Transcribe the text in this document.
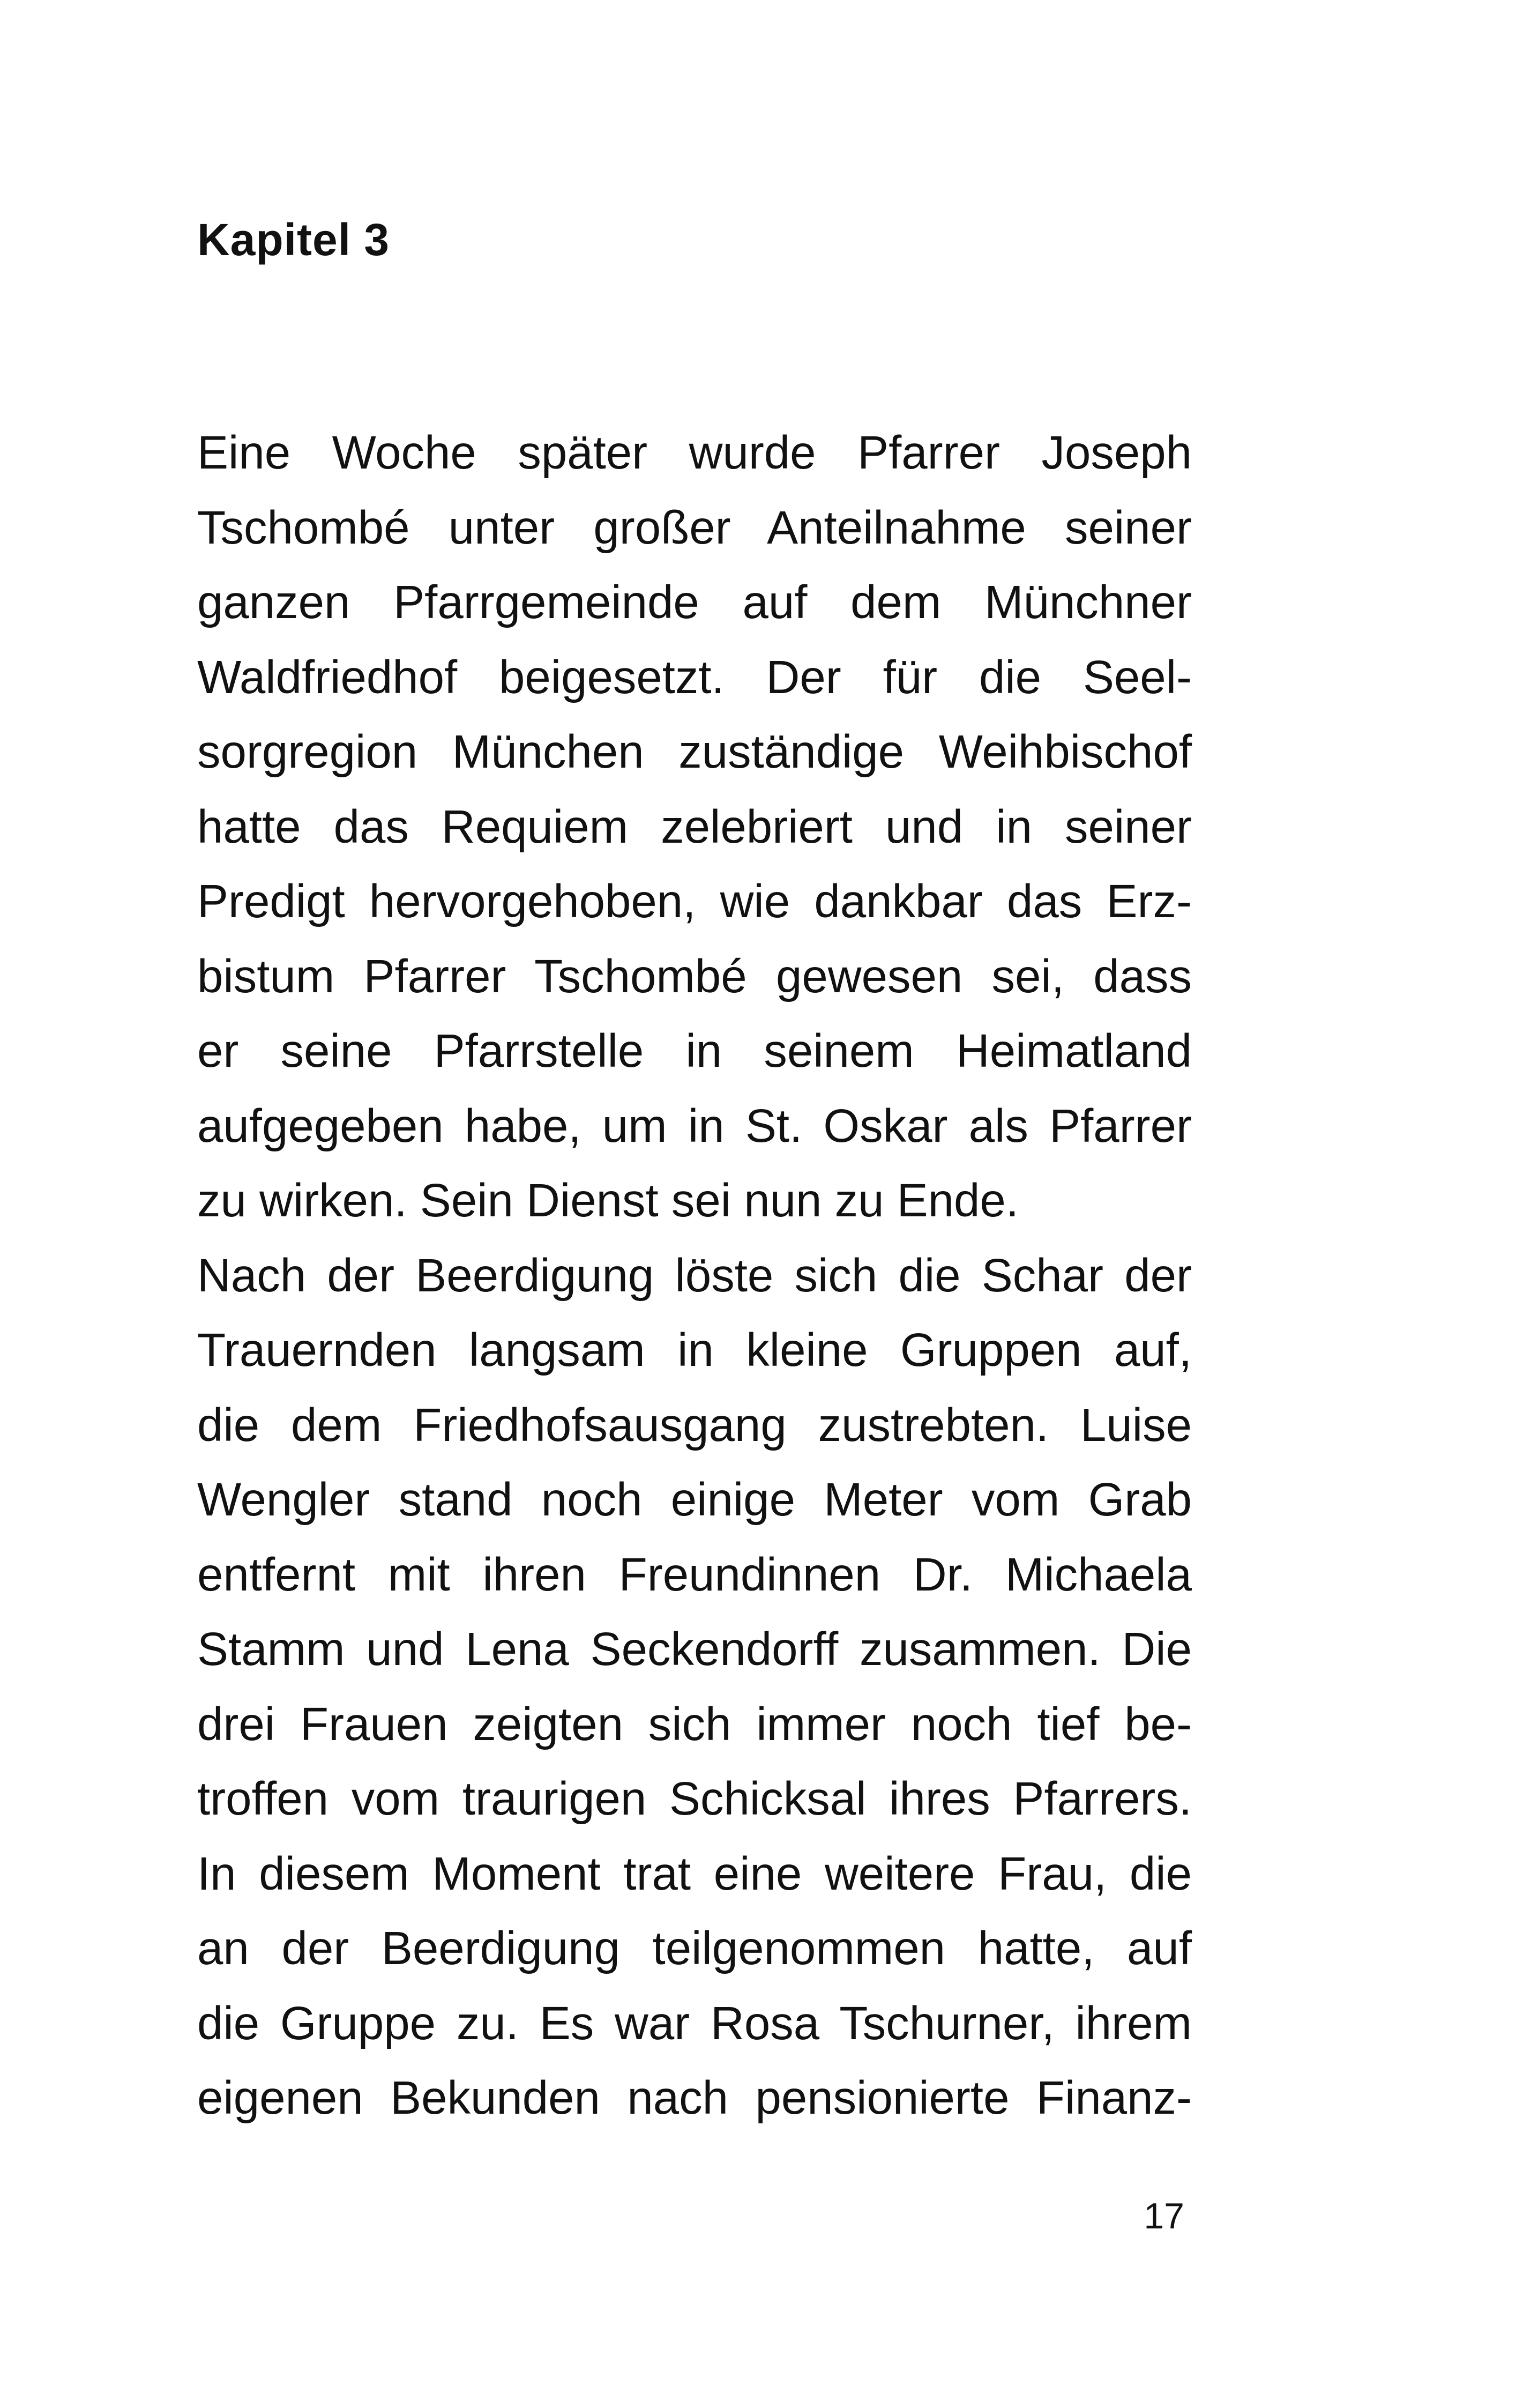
Kapitel 3
Eine Woche später wurde Pfarrer Joseph
Tschombé unter großer Anteilnahme seiner
ganzen Pfarrgemeinde auf dem Münchner
Waldfriedhof beigesetzt. Der für die Seel-
sorgregion München zuständige Weihbischof
hatte das Requiem zelebriert und in seiner
Predigt hervorgehoben, wie dankbar das Erz-
bistum Pfarrer Tschombé gewesen sei, dass
er seine Pfarrstelle in seinem Heimatland
aufgegeben habe, um in St. Oskar als Pfarrer
zu wirken. Sein Dienst sei nun zu Ende.
Nach der Beerdigung löste sich die Schar der
Trauernden langsam in kleine Gruppen auf,
die dem Friedhofsausgang zustrebten. Luise
Wengler stand noch einige Meter vom Grab
entfernt mit ihren Freundinnen Dr. Michaela
Stamm und Lena Seckendorff zusammen. Die
drei Frauen zeigten sich immer noch tief be-
troffen vom traurigen Schicksal ihres Pfarrers.
In diesem Moment trat eine weitere Frau, die
an der Beerdigung teilgenommen hatte, auf
die Gruppe zu. Es war Rosa Tschurner, ihrem
eigenen Bekunden nach pensionierte Finanz-
17
